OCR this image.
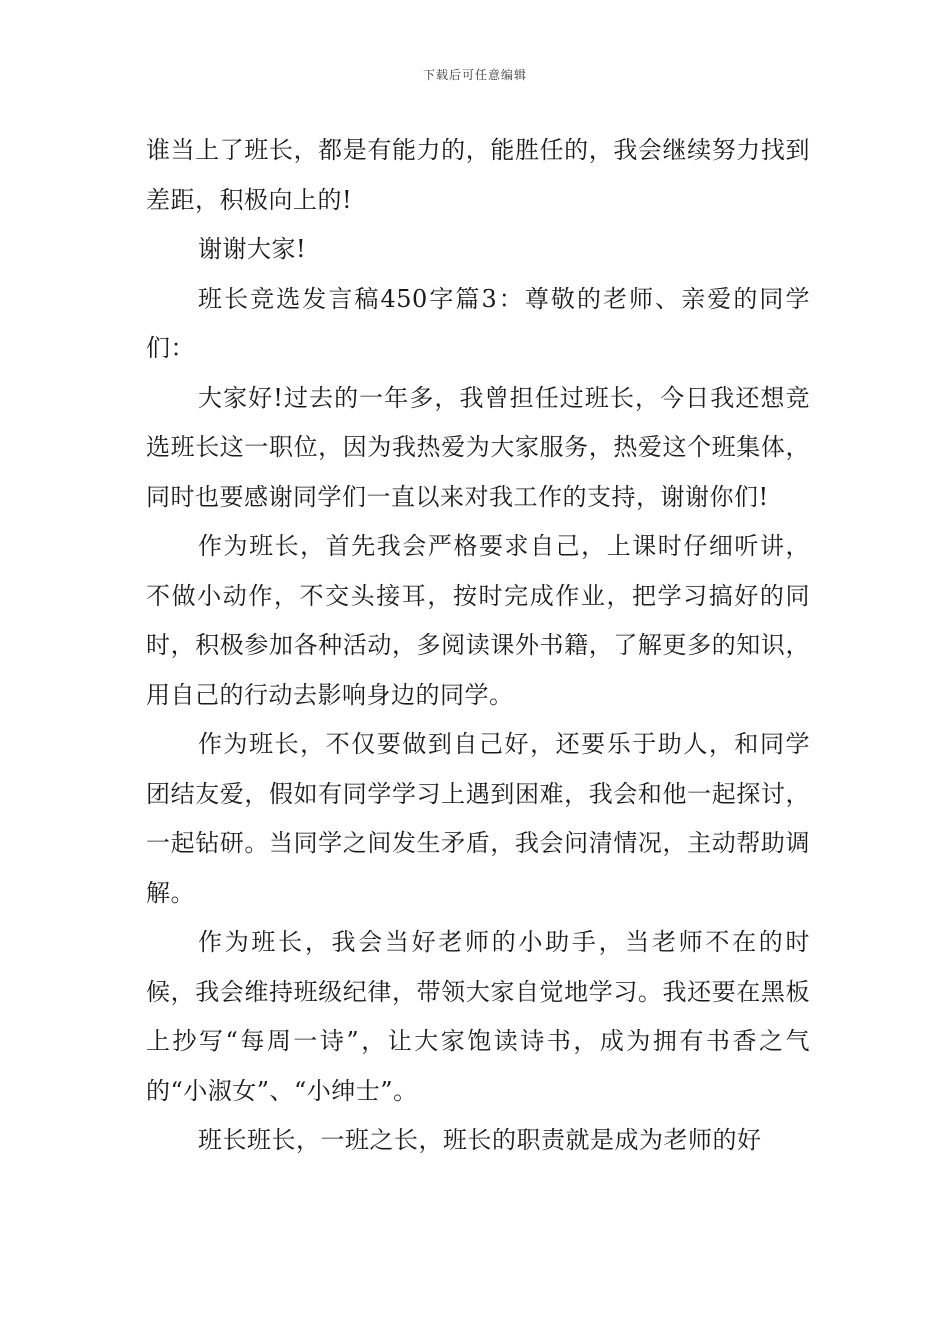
下载后可任意编辑

谁当上了班长，都是有能力的，能胜任的，我会继续努力找到差距，积极向上的!

谢谢大家!

班长竞选发言稿450字篇3：尊敬的老师、亲爱的同学们：

大家好!过去的一年多，我曾担任过班长，今日我还想竞选班长这一职位，因为我热爱为大家服务，热爱这个班集体，同时也要感谢同学们一直以来对我工作的支持，谢谢你们!

作为班长，首先我会严格要求自己，上课时仔细听讲，不做小动作，不交头接耳，按时完成作业，把学习搞好的同时，积极参加各种活动，多阅读课外书籍，了解更多的知识，用自己的行动去影响身边的同学。

作为班长，不仅要做到自己好，还要乐于助人，和同学团结友爱，假如有同学学习上遇到困难，我会和他一起探讨，一起钻研。当同学之间发生矛盾，我会问清情况，主动帮助调解。

作为班长，我会当好老师的小助手，当老师不在的时候，我会维持班级纪律，带领大家自觉地学习。我还要在黑板上抄写“每周一诗”，让大家饱读诗书，成为拥有书香之气的“小淑女”、“小绅士”。

班长班长，一班之长，班长的职责就是成为老师的好
